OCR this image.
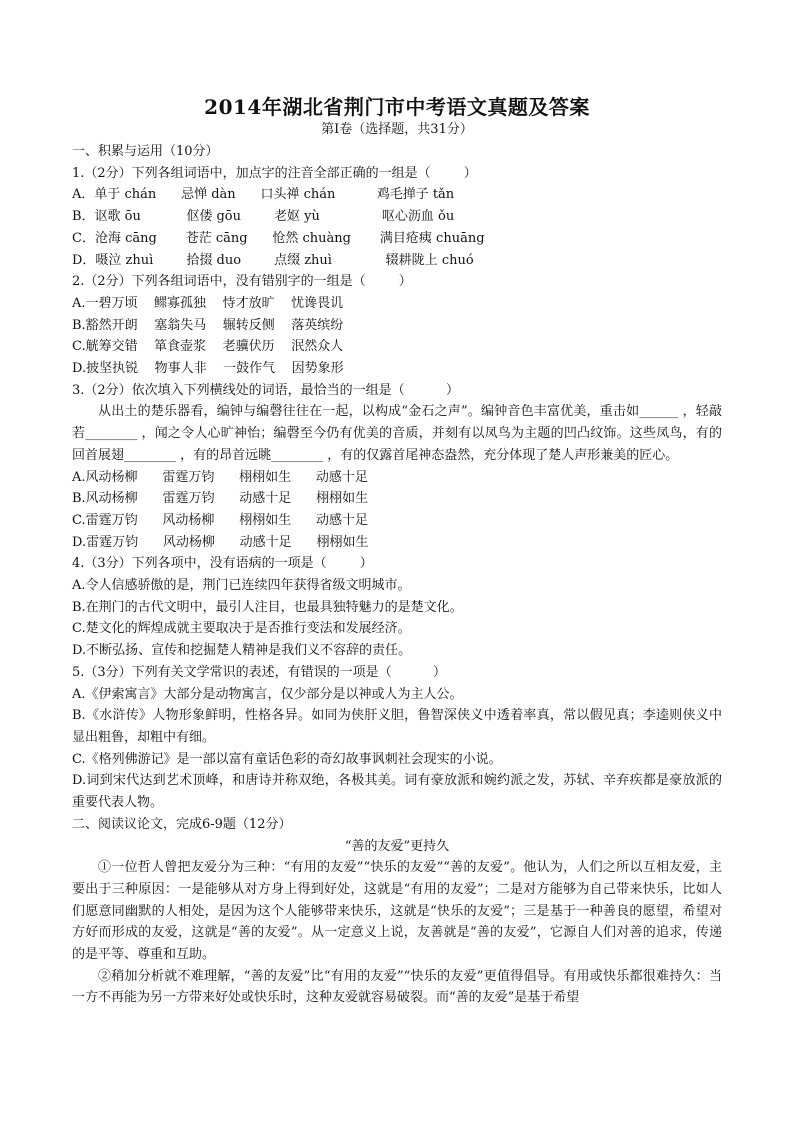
2014年湖北省荆门市中考语文真题及答案

第Ⅰ卷（选择题，共31分）

一、积累与运用（10分）

1.（2分）下列各组词语中，加点字的注音全部正确的一组是（        ）

A．单于 chán      忌惮 dàn      口头禅 chán          鸡毛掸子 tǎn

B．讴歌 ōu           伛偻 gōu        老妪 yù               呕心沥血 ǒu

C．沧海 cāng       苍茫 cāng      怆然 chuàng       满目疮痍 chuāng

D．嗫泣 zhuì        拾掇 duo        点缀 zhuì             辍耕陇上 chuó

2.（2分）下列各组词语中，没有错别字的一组是（        ）

A.一碧万顷    鳏寡孤独    恃才放旷    忧谗畏讥

B.豁然开朗    塞翁失马    辗转反侧    落英缤纷

C.觥筹交错    箪食壶浆    老骥伏历    泯然众人

D.披坚执锐    物事人非    一鼓作气    因势象形

3.（2分）依次填入下列横线处的词语，最恰当的一组是（          ）

从出土的楚乐器看，编钟与编磬往往在一起，以构成“金石之声”。编钟音色丰富优美，重击如______ ，轻敲若________ ，闻之令人心旷神怡；编磬至今仍有优美的音质，并刻有以凤鸟为主题的凹凸纹饰。这些凤鸟，有的回首展翅________ ，有的昂首远眺________ ，有的仅露首尾神态盎然，充分体现了楚人声形兼美的匠心。

A.风动杨柳      雷霆万钧      栩栩如生      动感十足

B.风动杨柳      雷霆万钧      动感十足      栩栩如生

C.雷霆万钧      风动杨柳      栩栩如生      动感十足

D.雷霆万钧      风动杨柳      动感十足      栩栩如生

4.（3分）下列各项中，没有语病的一项是（        ）

A.令人信感骄傲的是，荆门已连续四年获得省级文明城市。

B.在荆门的古代文明中，最引人注目，也最具独特魅力的是楚文化。

C.楚文化的辉煌成就主要取决于是否推行变法和发展经济。

D.不断弘扬、宣传和挖掘楚人精神是我们义不容辞的责任。

5.（3分）下列有关文学常识的表述，有错误的一项是（          ）

A.《伊索寓言》大部分是动物寓言，仅少部分是以神或人为主人公。

B.《水浒传》人物形象鲜明，性格各异。如同为侠肝义胆，鲁智深侠义中透着率真，常以假见真；李逵则侠义中显出粗鲁，却粗中有细。

C.《格列佛游记》是一部以富有童话色彩的奇幻故事讽刺社会现实的小说。

D.词到宋代达到艺术顶峰，和唐诗并称双绝，各极其美。词有豪放派和婉约派之发，苏轼、辛弃疾都是豪放派的重要代表人物。

二、阅读议论文，完成6-9题（12分）

“善的友爱”更持久

①一位哲人曾把友爱分为三种：“有用的友爱”“快乐的友爱”“善的友爱”。他认为，人们之所以互相友爱，主要出于三种原因：一是能够从对方身上得到好处，这就是“有用的友爱”；二是对方能够为自己带来快乐，比如人们愿意同幽默的人相处，是因为这个人能够带来快乐，这就是“快乐的友爱”；三是基于一种善良的愿望，希望对方好而形成的友爱，这就是“善的友爱”。从一定意义上说，友善就是“善的友爱”，它源自人们对善的追求，传递的是平等、尊重和互助。

②稍加分析就不难理解，“善的友爱”比“有用的友爱”“快乐的友爱”更值得倡导。有用或快乐都很难持久：当一方不再能为另一方带来好处或快乐时，这种友爱就容易破裂。而“善的友爱”是基于希望
